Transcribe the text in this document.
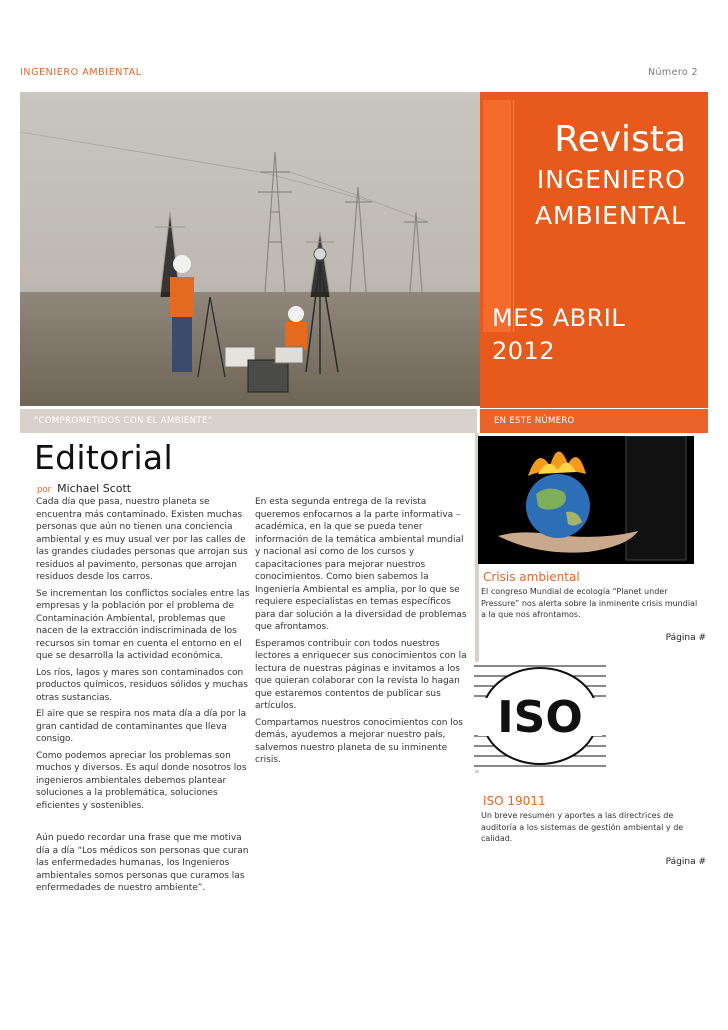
INGENIERO AMBIENTAL	Número 2
Revista
INGENIERO
AMBIENTAL
MES ABRIL
2012
“COMPROMETIDOS CON EL AMBIENTE”	EN ESTE NÚMERO
Editorial
por Michael Scott

Cada día que pasa, nuestro planeta se encuentra más contaminado. Existen muchas personas que aún no tienen una conciencia ambiental y es muy usual ver por las calles de las grandes ciudades personas que arrojan sus residuos al pavimento, personas que arrojan residuos desde los carros.

Se incrementan los conflictos sociales entre las empresas y la población por el problema de Contaminación Ambiental, problemas que nacen de la extracción indiscriminada de los recursos sin tomar en cuenta el entorno en el que se desarrolla la actividad económica.

Los ríos, lagos y mares son contaminados con productos químicos, residuos sólidos y muchas otras sustancias.

El aire que se respira nos mata día a día por la gran cantidad de contaminantes que lleva consigo.

Como podemos apreciar los problemas son muchos y diversos. Es aquí donde nosotros los ingenieros ambientales debemos plantear soluciones a la problemática, soluciones eficientes y sostenibles.

Aún puedo recordar una frase que me motiva día a día “Los médicos son personas que curan las enfermedades humanas, los Ingenieros ambientales somos personas que curamos las enfermedades de nuestro ambiente”.

En esta segunda entrega de la revista queremos enfocarnos a la parte informativa – académica, en la que se pueda tener información de la temática ambiental mundial y nacional así como de los cursos y capacitaciones para mejorar nuestros conocimientos. Como bien sabemos la Ingeniería Ambiental es amplia, por lo que se requiere especialistas en temas específicos para dar solución a la diversidad de problemas que afrontamos.

Esperamos contribuir con todos nuestros lectores a enriquecer sus conocimientos con la lectura de nuestras páginas e invitamos a los que quieran colaborar con la revista lo hagan que estaremos contentos de publicar sus artículos.

Compartamos nuestros conocimientos con los demás, ayudemos a mejorar nuestro país, salvemos nuestro planeta de su inminente crisis.

Crisis ambiental
El congreso Mundial de ecología “Planet under Pressure” nos alerta sobre la inminente crisis mundial a la que nos afrontamos.
Página #
ISO
ISO 19011
Un breve resumen y aportes a las directrices de auditoría a los sistemas de gestión ambiental y de calidad.
Página #
